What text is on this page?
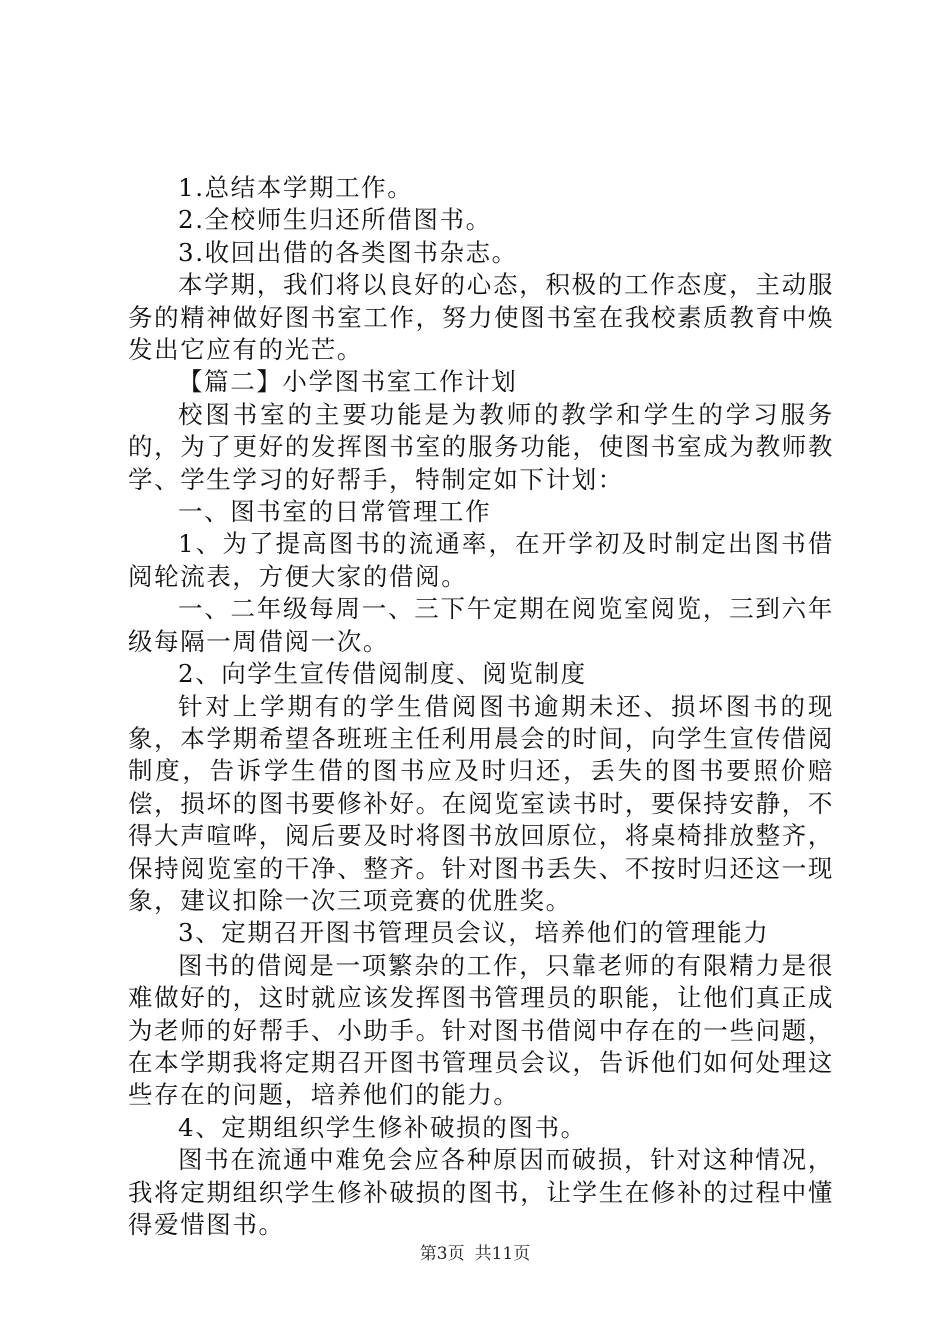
1.总结本学期工作。

2.全校师生归还所借图书。

3.收回出借的各类图书杂志。

本学期，我们将以良好的心态，积极的工作态度，主动服务的精神做好图书室工作，努力使图书室在我校素质教育中焕发出它应有的光芒。

【篇二】小学图书室工作计划

校图书室的主要功能是为教师的教学和学生的学习服务的，为了更好的发挥图书室的服务功能，使图书室成为教师教学、学生学习的好帮手，特制定如下计划：

一、图书室的日常管理工作

1、为了提高图书的流通率，在开学初及时制定出图书借阅轮流表，方便大家的借阅。

一、二年级每周一、三下午定期在阅览室阅览，三到六年级每隔一周借阅一次。

2、向学生宣传借阅制度、阅览制度

针对上学期有的学生借阅图书逾期未还、损坏图书的现象，本学期希望各班班主任利用晨会的时间，向学生宣传借阅制度，告诉学生借的图书应及时归还，丢失的图书要照价赔偿，损坏的图书要修补好。在阅览室读书时，要保持安静，不得大声喧哗，阅后要及时将图书放回原位，将桌椅排放整齐，保持阅览室的干净、整齐。针对图书丢失、不按时归还这一现象，建议扣除一次三项竞赛的优胜奖。

3、定期召开图书管理员会议，培养他们的管理能力

图书的借阅是一项繁杂的工作，只靠老师的有限精力是很难做好的，这时就应该发挥图书管理员的职能，让他们真正成为老师的好帮手、小助手。针对图书借阅中存在的一些问题，在本学期我将定期召开图书管理员会议，告诉他们如何处理这些存在的问题，培养他们的能力。

4、定期组织学生修补破损的图书。

图书在流通中难免会应各种原因而破损，针对这种情况，我将定期组织学生修补破损的图书，让学生在修补的过程中懂得爱惜图书。

第3页 共11页
